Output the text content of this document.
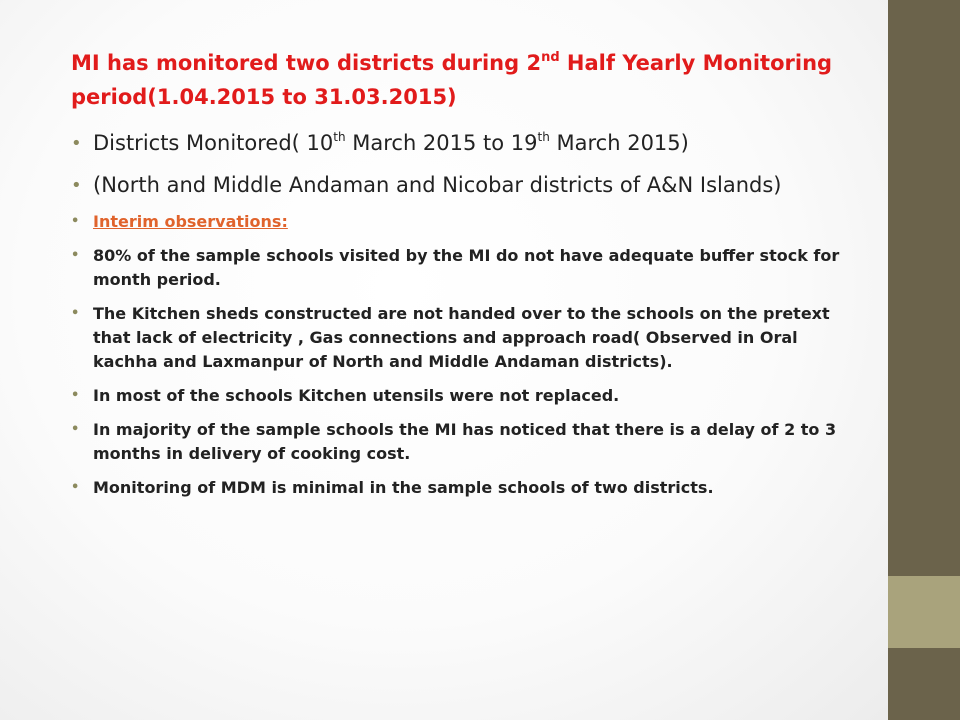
MI has monitored two districts during 2nd Half Yearly Monitoring period(1.04.2015 to 31.03.2015)
• Districts Monitored( 10th March 2015 to 19th March 2015)
• (North and Middle Andaman and Nicobar districts of A&N Islands)
• Interim observations:
• 80% of the sample schools visited by the MI do not have adequate buffer stock for month period.
• The Kitchen sheds constructed are not handed over to the schools on the pretext that lack of electricity , Gas connections and approach road( Observed in Oral kachha and Laxmanpur of North and Middle Andaman districts).
• In most of the schools Kitchen utensils were not replaced.
• In majority of the sample schools the MI has noticed that there is a delay of 2 to 3 months in delivery of cooking cost.
• Monitoring of MDM is minimal in the sample schools of two districts.
